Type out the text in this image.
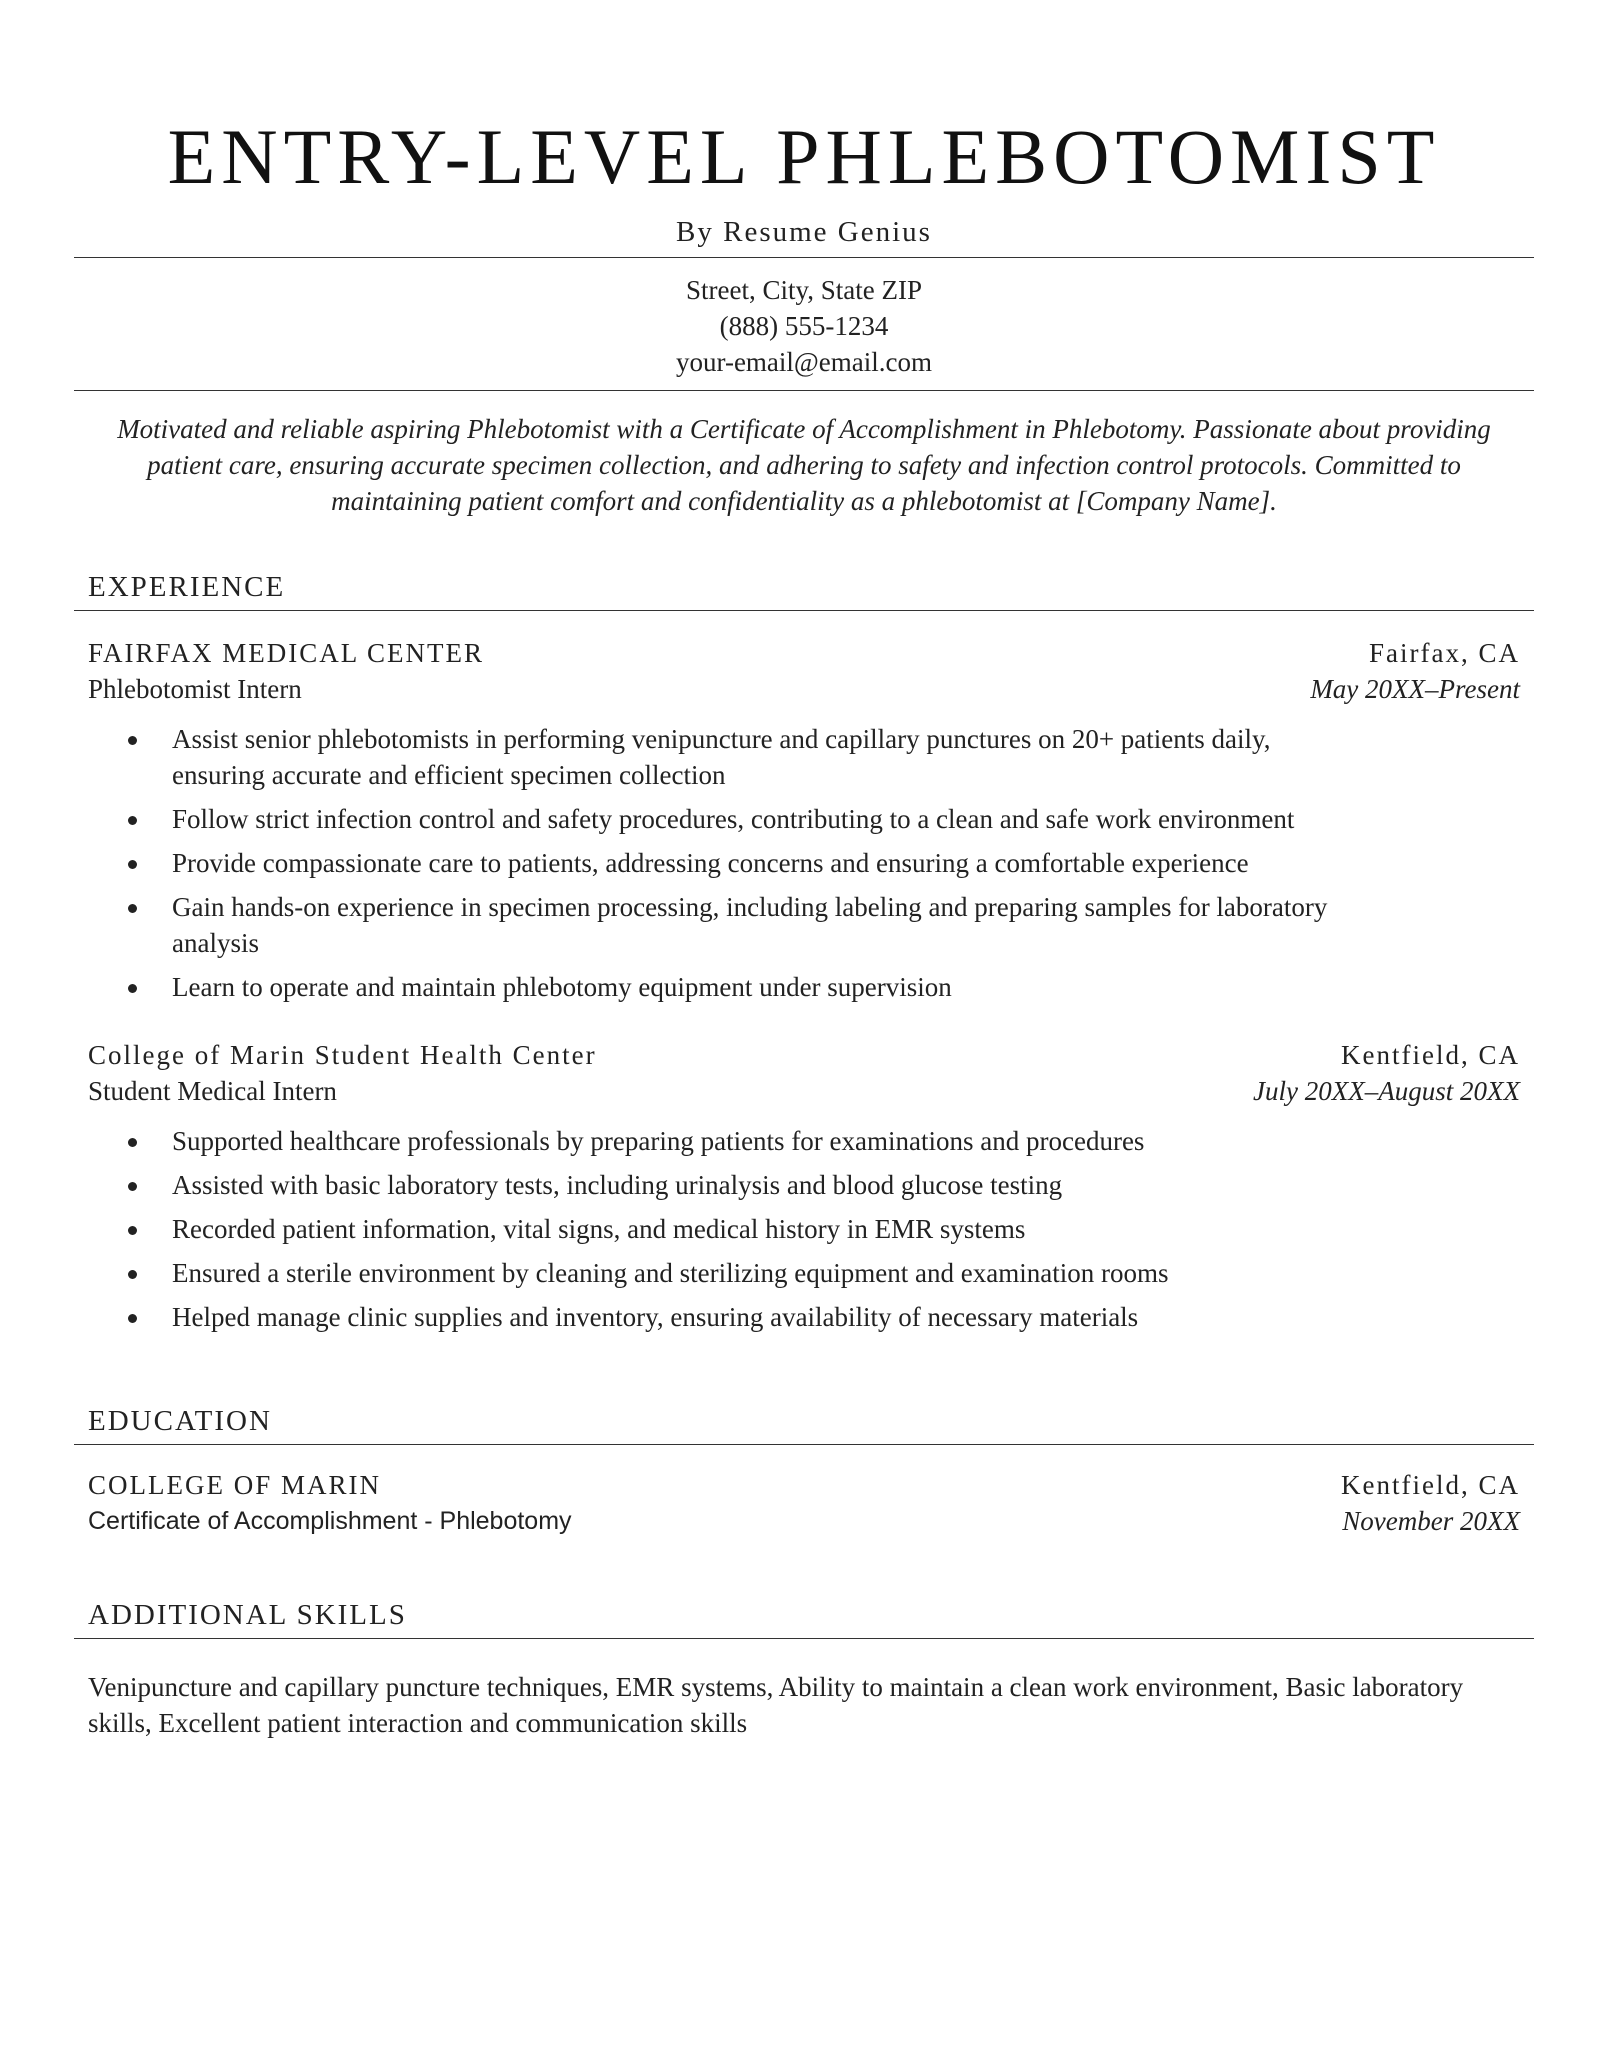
ENTRY-LEVEL PHLEBOTOMIST
By Resume Genius
Street, City, State ZIP
(888) 555-1234
your-email@email.com
Motivated and reliable aspiring Phlebotomist with a Certificate of Accomplishment in Phlebotomy. Passionate about providing patient care, ensuring accurate specimen collection, and adhering to safety and infection control protocols. Committed to maintaining patient comfort and confidentiality as a phlebotomist at [Company Name].
EXPERIENCE
FAIRFAX MEDICAL CENTER	Fairfax, CA
Phlebotomist Intern	May 20XX–Present
Assist senior phlebotomists in performing venipuncture and capillary punctures on 20+ patients daily, ensuring accurate and efficient specimen collection
Follow strict infection control and safety procedures, contributing to a clean and safe work environment
Provide compassionate care to patients, addressing concerns and ensuring a comfortable experience
Gain hands-on experience in specimen processing, including labeling and preparing samples for laboratory analysis
Learn to operate and maintain phlebotomy equipment under supervision
College of Marin Student Health Center	Kentfield, CA
Student Medical Intern	July 20XX–August 20XX
Supported healthcare professionals by preparing patients for examinations and procedures
Assisted with basic laboratory tests, including urinalysis and blood glucose testing
Recorded patient information, vital signs, and medical history in EMR systems
Ensured a sterile environment by cleaning and sterilizing equipment and examination rooms
Helped manage clinic supplies and inventory, ensuring availability of necessary materials
EDUCATION
COLLEGE OF MARIN	Kentfield, CA
Certificate of Accomplishment - Phlebotomy	November 20XX
ADDITIONAL SKILLS
Venipuncture and capillary puncture techniques, EMR systems, Ability to maintain a clean work environment, Basic laboratory skills, Excellent patient interaction and communication skills
